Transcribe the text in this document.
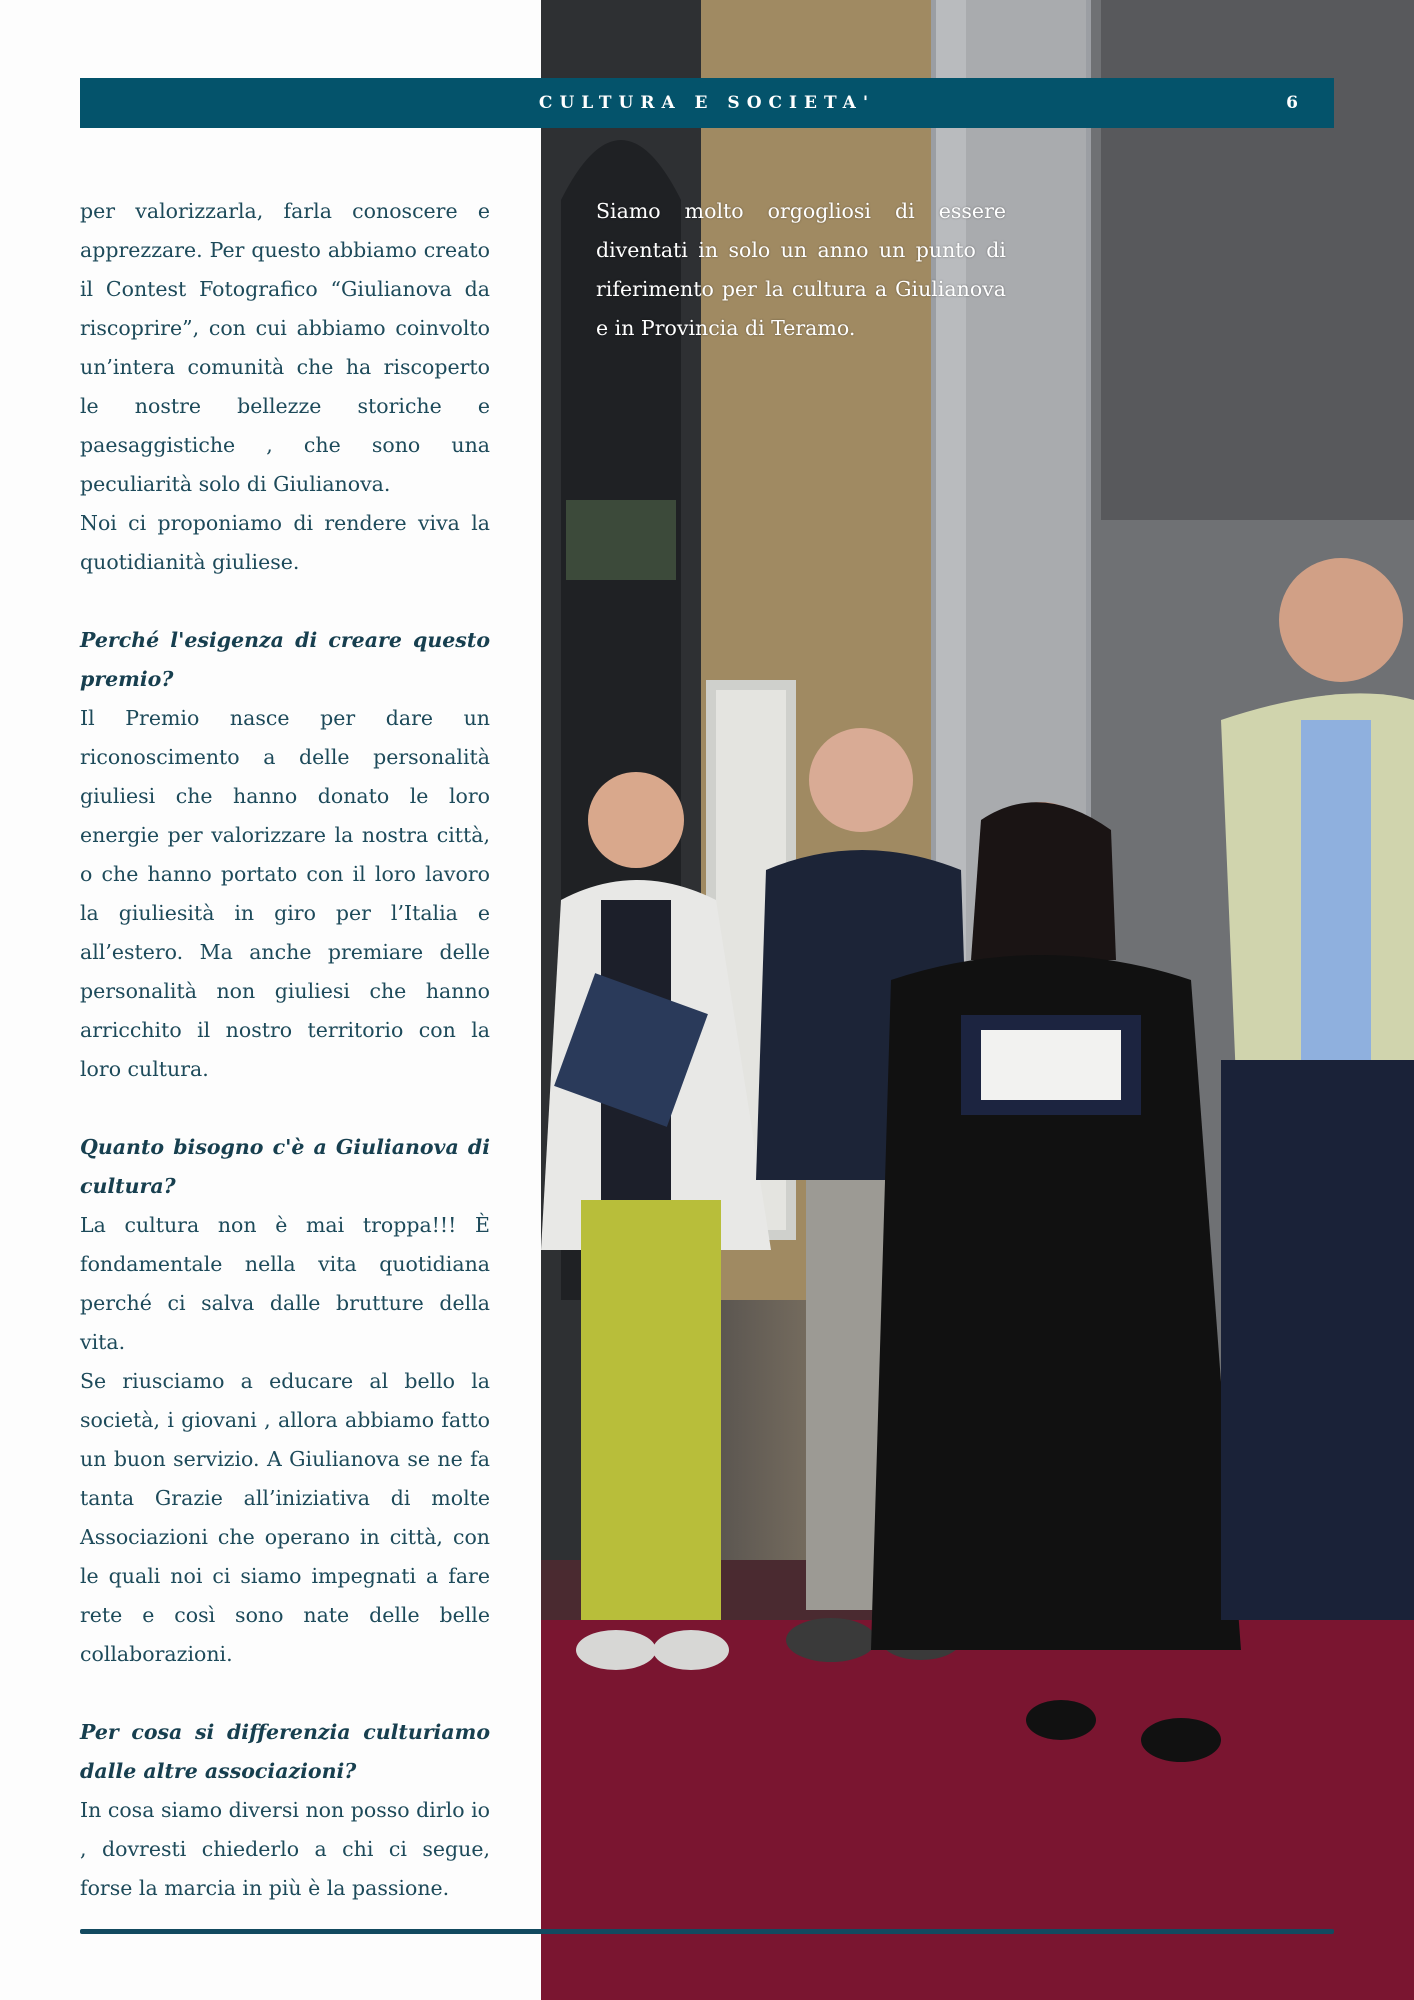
CULTURA E SOCIETA'	6

per valorizzarla, farla conoscere e apprezzare. Per questo abbiamo creato il Contest Fotografico “Giulianova da riscoprire”, con cui abbiamo coinvolto un’intera comunità che ha riscoperto le nostre bellezze storiche e paesaggistiche , che sono una peculiarità solo di Giulianova.

Noi ci proponiamo di rendere viva la quotidianità giuliese.

Perché l'esigenza di creare questo premio?

Il Premio nasce per dare un riconoscimento a delle personalità giuliesi che hanno donato le loro energie per valorizzare la nostra città, o che hanno portato con il loro lavoro la giuliesità in giro per l’Italia e all’estero. Ma anche premiare delle personalità non giuliesi che hanno arricchito il nostro territorio con la loro cultura.

Quanto bisogno c'è a Giulianova di cultura?

La cultura non è mai troppa!!! È fondamentale nella vita quotidiana perché ci salva dalle brutture della vita.

Se riusciamo a educare al bello la società, i giovani , allora abbiamo fatto un buon servizio. A Giulianova se ne fa tanta Grazie all’iniziativa di molte Associazioni che operano in città, con le quali noi ci siamo impegnati a fare rete e così sono nate delle belle collaborazioni.

Per cosa si differenzia culturiamo dalle altre associazioni?

In cosa siamo diversi non posso dirlo io , dovresti chiederlo a chi ci segue, forse la marcia in più è la passione.

Siamo molto orgogliosi di essere diventati in solo un anno un punto di riferimento per la cultura a Giulianova e in Provincia di Teramo.
